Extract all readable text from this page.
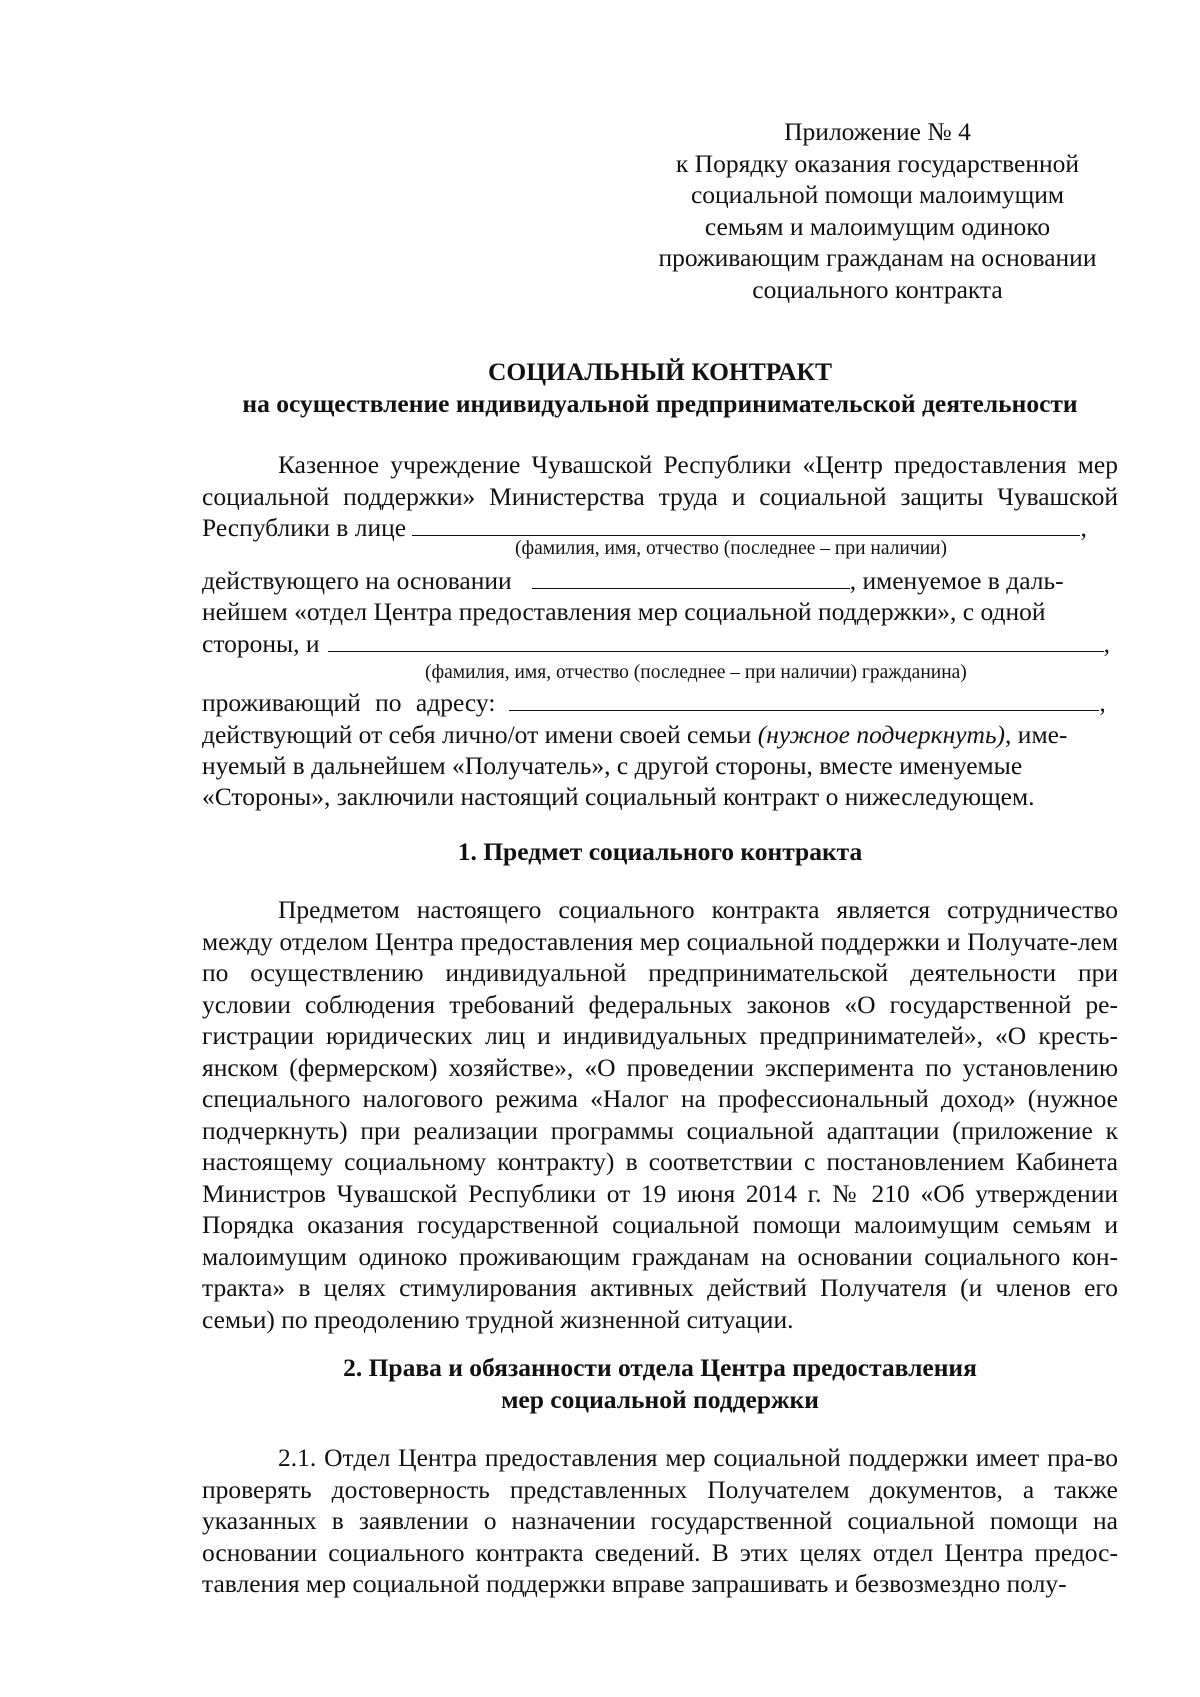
Приложение № 4
к Порядку оказания государственной
социальной помощи малоимущим
семьям и малоимущим одиноко
проживающим гражданам на основании
социального контракта
СОЦИАЛЬНЫЙ КОНТРАКТ
на осуществление индивидуальной предпринимательской деятельности
Казенное учреждение Чувашской Республики «Центр предоставления мер социальной поддержки» Министерства труда и социальной защиты Чувашской Республики в лице	,
(фамилия, имя, отчество (последнее – при наличии)
действующего на основании	, именуемое в даль-
нейшем «отдел Центра предоставления мер социальной поддержки», с одной
стороны, и	,
(фамилия, имя, отчество (последнее – при наличии) гражданина)
проживающий по адресу:	,
действующий от себя лично/от имени своей семьи (нужное подчеркнуть), име-
нуемый в дальнейшем «Получатель», с другой стороны, вместе именуемые
«Стороны», заключили настоящий социальный контракт о нижеследующем.
1. Предмет социального контракта
Предметом настоящего социального контракта является сотрудничество между отделом Центра предоставления мер социальной поддержки и Получате-лем по осуществлению индивидуальной предпринимательской деятельности при условии соблюдения требований федеральных законов «О государственной ре-гистрации юридических лиц и индивидуальных предпринимателей», «О кресть-янском (фермерском) хозяйстве», «О проведении эксперимента по установлению специального налогового режима «Налог на профессиональный доход» (нужное подчеркнуть) при реализации программы социальной адаптации (приложение к настоящему социальному контракту) в соответствии с постановлением Кабинета Министров Чувашской Республики от 19 июня 2014 г. № 210 «Об утверждении Порядка оказания государственной социальной помощи малоимущим семьям и малоимущим одиноко проживающим гражданам на основании социального кон-тракта» в целях стимулирования активных действий Получателя (и членов его семьи) по преодолению трудной жизненной ситуации.
2. Права и обязанности отдела Центра предоставления
мер социальной поддержки
2.1. Отдел Центра предоставления мер социальной поддержки имеет пра-во проверять достоверность представленных Получателем документов, а также указанных в заявлении о назначении государственной социальной помощи на основании социального контракта сведений. В этих целях отдел Центра предос-тавления мер социальной поддержки вправе запрашивать и безвозмездно полу-
